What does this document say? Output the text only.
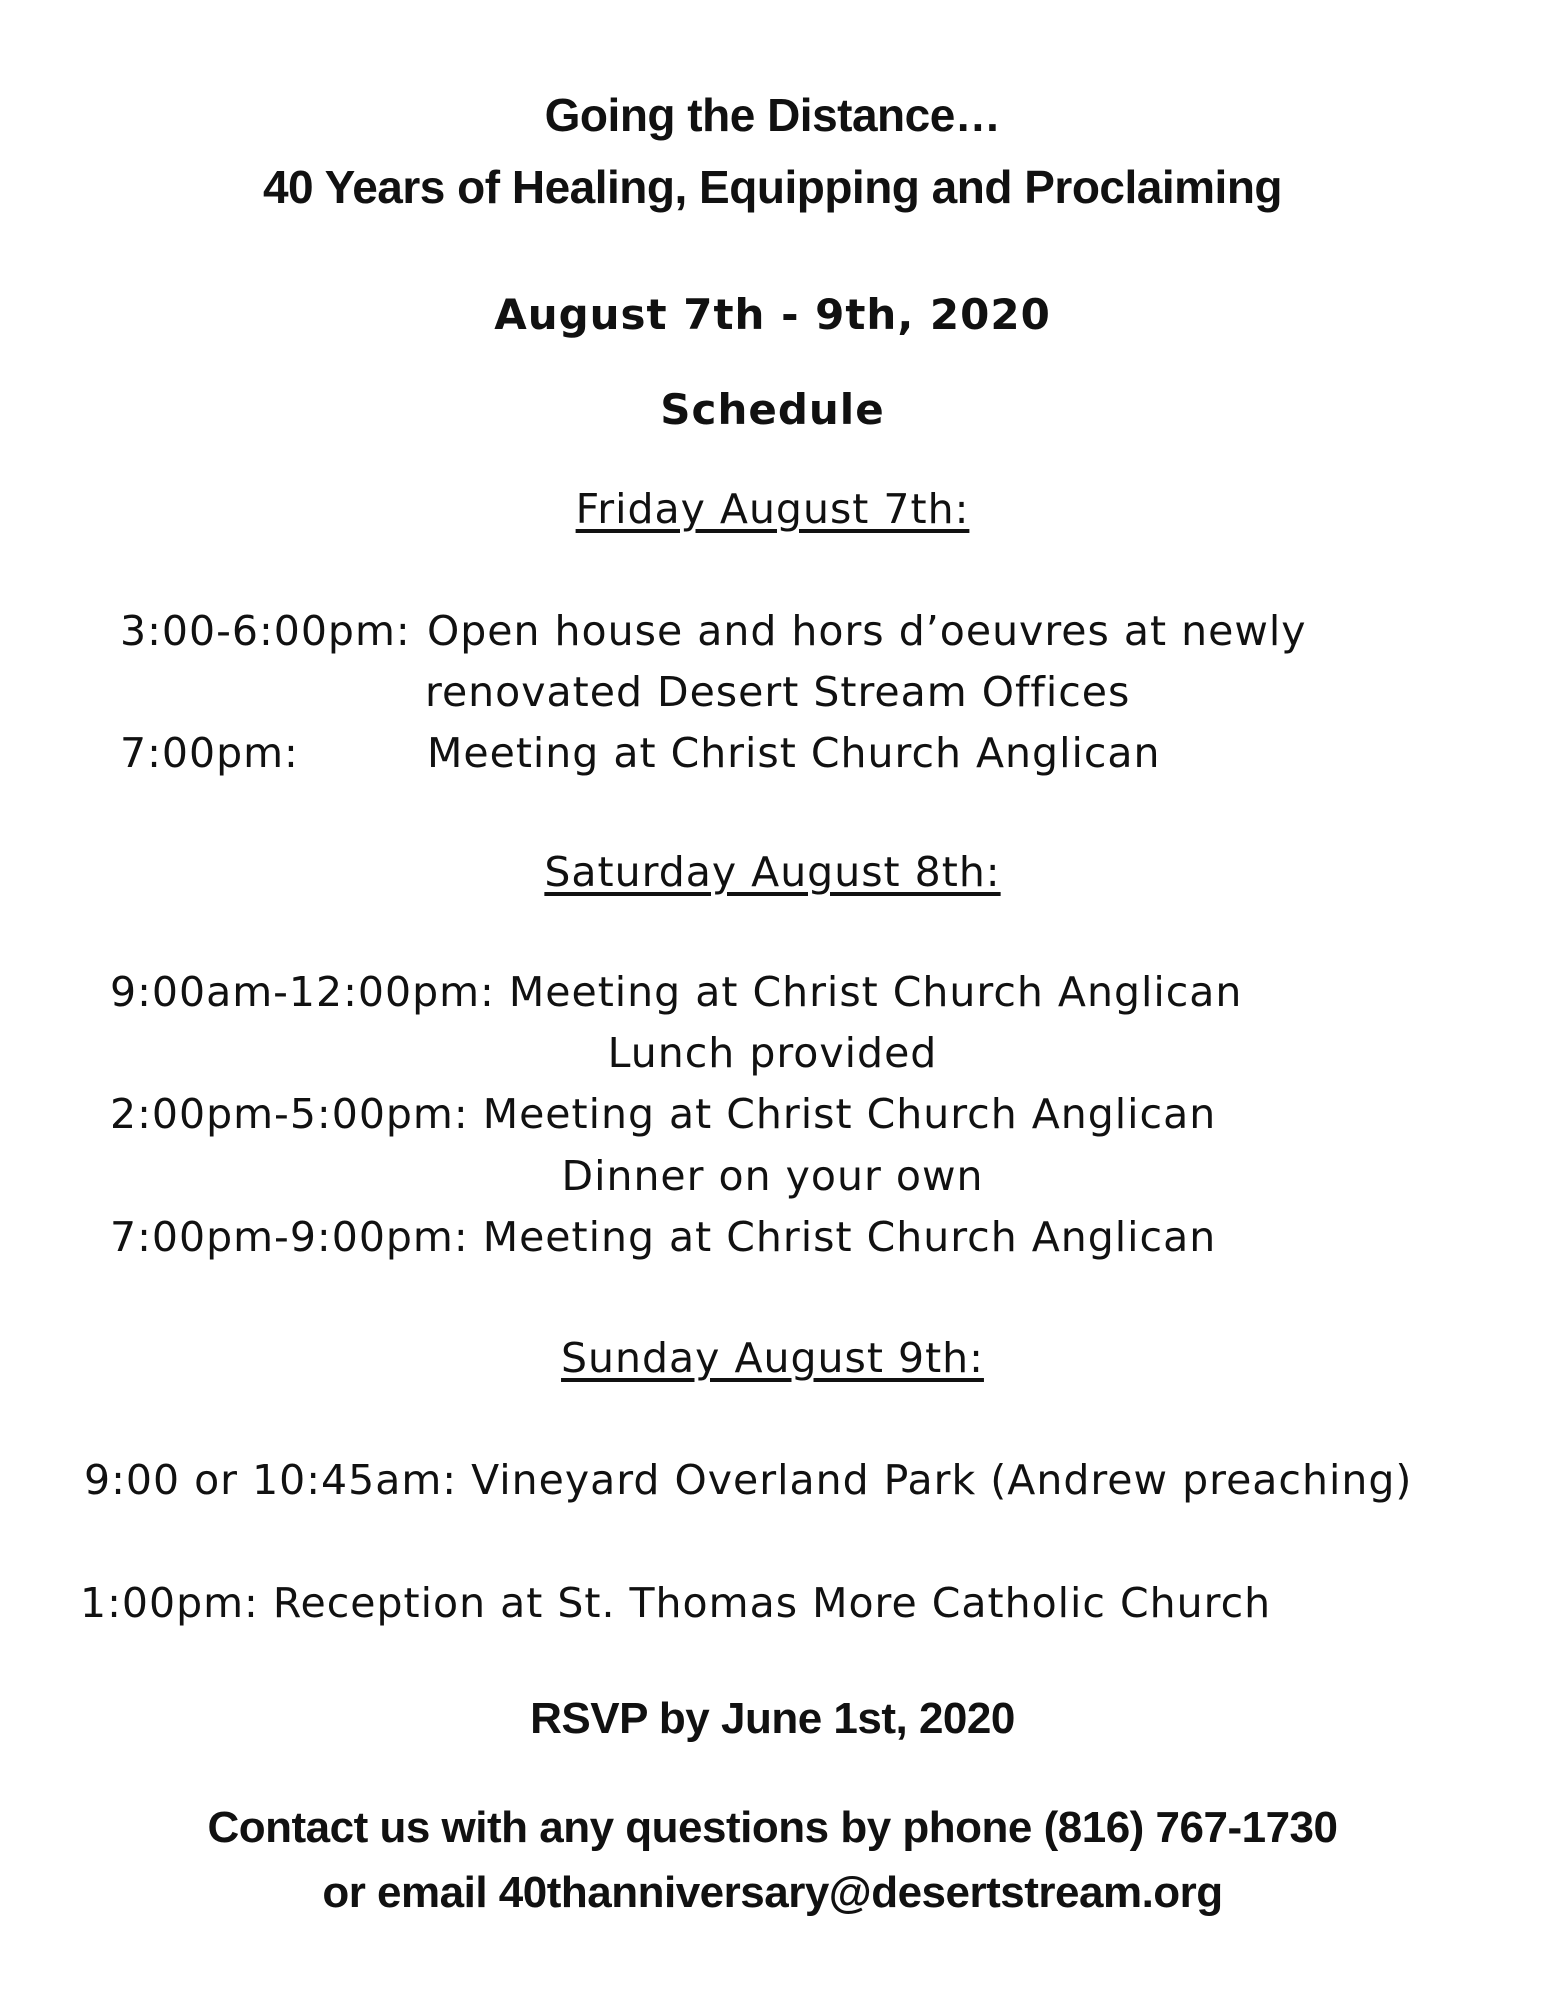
Going the Distance…
40 Years of Healing, Equipping and Proclaiming
August 7th - 9th, 2020
Schedule
Friday August 7th:
3:00-6:00pm: Open house and hors d’oeuvres at newly
renovated Desert Stream Offices
7:00pm:	Meeting at Christ Church Anglican
Saturday August 8th:
9:00am-12:00pm: Meeting at Christ Church Anglican
Lunch provided
2:00pm-5:00pm: Meeting at Christ Church Anglican
Dinner on your own
7:00pm-9:00pm: Meeting at Christ Church Anglican
Sunday August 9th:
9:00 or 10:45am: Vineyard Overland Park (Andrew preaching)
1:00pm: Reception at St. Thomas More Catholic Church
RSVP by June 1st, 2020
Contact us with any questions by phone (816) 767-1730
or email 40thanniversary@desertstream.org
